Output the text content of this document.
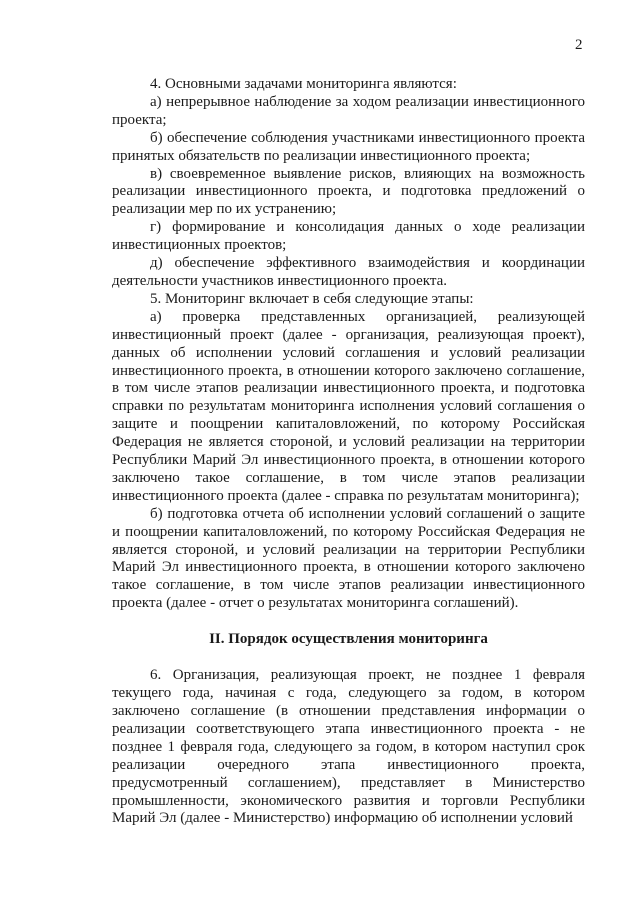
2

4. Основными задачами мониторинга являются:

а) непрерывное наблюдение за ходом реализации инвестиционного проекта;

б) обеспечение соблюдения участниками инвестиционного проекта принятых обязательств по реализации инвестиционного проекта;

в) своевременное выявление рисков, влияющих на возможность реализации инвестиционного проекта, и подготовка предложений о реализации мер по их устранению;

г) формирование и консолидация данных о ходе реализации инвестиционных проектов;

д) обеспечение эффективного взаимодействия и координации деятельности участников инвестиционного проекта.

5. Мониторинг включает в себя следующие этапы:

а) проверка представленных организацией, реализующей инвестиционный проект (далее - организация, реализующая проект), данных об исполнении условий соглашения и условий реализации инвестиционного проекта, в отношении которого заключено соглашение, в том числе этапов реализации инвестиционного проекта, и подготовка справки по результатам мониторинга исполнения условий соглашения о защите и поощрении капиталовложений, по которому Российская Федерация не является стороной, и условий реализации на территории Республики Марий Эл инвестиционного проекта, в отношении которого заключено такое соглашение, в том числе этапов реализации инвестиционного проекта (далее - справка по результатам мониторинга);

б) подготовка отчета об исполнении условий соглашений о защите и поощрении капиталовложений, по которому Российская Федерация не является стороной, и условий реализации на территории Республики Марий Эл инвестиционного проекта, в отношении которого заключено такое соглашение, в том числе этапов реализации инвестиционного проекта (далее - отчет о результатах мониторинга соглашений).

II. Порядок осуществления мониторинга

6. Организация, реализующая проект, не позднее 1 февраля текущего года, начиная с года, следующего за годом, в котором заключено соглашение (в отношении представления информации о реализации соответствующего этапа инвестиционного проекта - не позднее 1 февраля года, следующего за годом, в котором наступил срок реализации очередного этапа инвестиционного проекта, предусмотренный соглашением), представляет в Министерство промышленности, экономического развития и торговли Республики Марий Эл (далее - Министерство) информацию об исполнении условий
